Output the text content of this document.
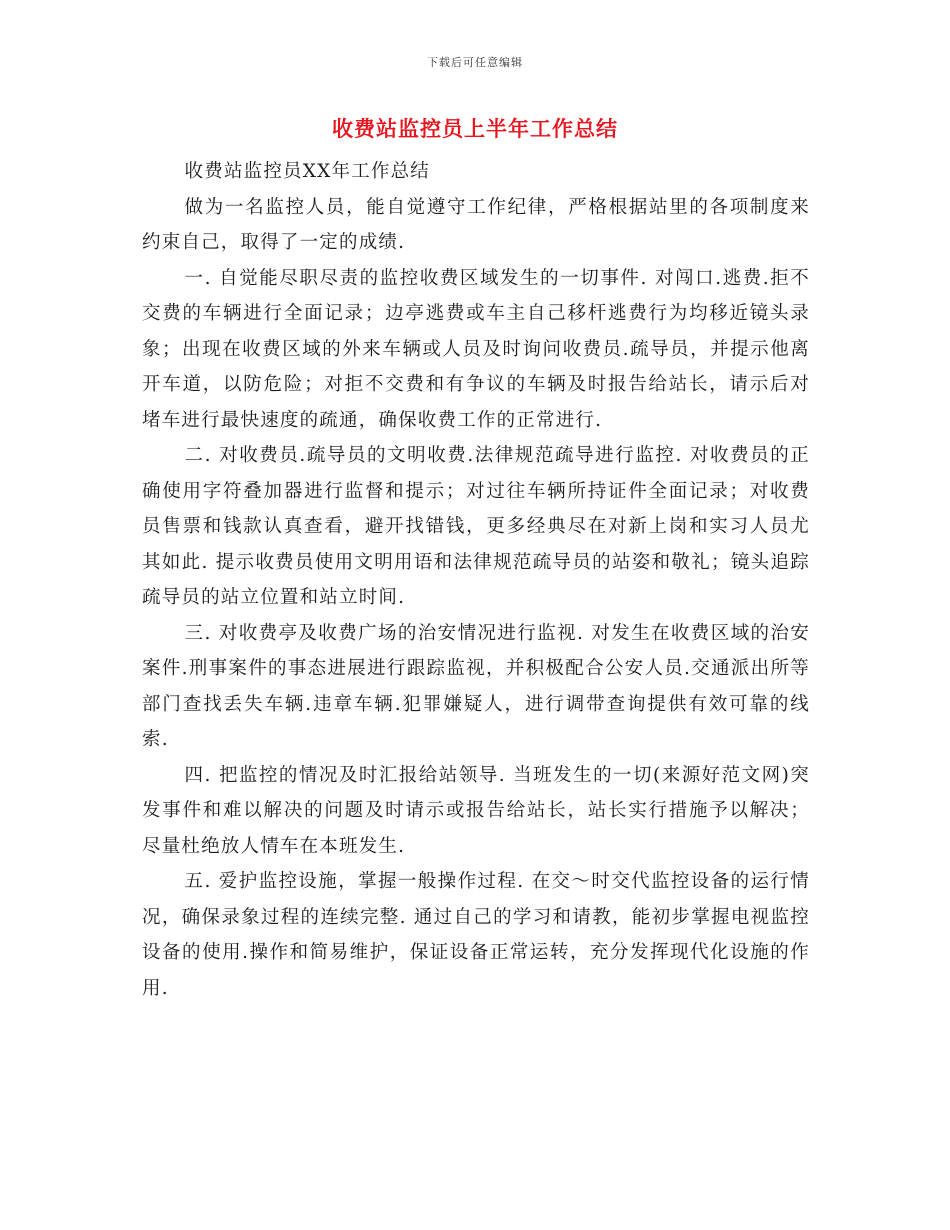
下载后可任意编辑
收费站监控员上半年工作总结

收费站监控员XX年工作总结

做为一名监控人员，能自觉遵守工作纪律，严格根据站里的各项制度来约束自己，取得了一定的成绩.

一. 自觉能尽职尽责的监控收费区域发生的一切事件. 对闯口.逃费.拒不交费的车辆进行全面记录；边亭逃费或车主自己移杆逃费行为均移近镜头录象；出现在收费区域的外来车辆或人员及时询问收费员.疏导员，并提示他离开车道，以防危险；对拒不交费和有争议的车辆及时报告给站长，请示后对堵车进行最快速度的疏通，确保收费工作的正常进行.

二. 对收费员.疏导员的文明收费.法律规范疏导进行监控. 对收费员的正确使用字符叠加器进行监督和提示；对过往车辆所持证件全面记录；对收费员售票和钱款认真查看，避开找错钱，更多经典尽在对新上岗和实习人员尤其如此. 提示收费员使用文明用语和法律规范疏导员的站姿和敬礼；镜头追踪疏导员的站立位置和站立时间.

三. 对收费亭及收费广场的治安情况进行监视. 对发生在收费区域的治安案件.刑事案件的事态进展进行跟踪监视，并积极配合公安人员.交通派出所等部门查找丢失车辆.违章车辆.犯罪嫌疑人，进行调带查询提供有效可靠的线索.

四. 把监控的情况及时汇报给站领导. 当班发生的一切(来源好范文网)突发事件和难以解决的问题及时请示或报告给站长，站长实行措施予以解决；尽量杜绝放人情车在本班发生.

五. 爱护监控设施，掌握一般操作过程. 在交～时交代监控设备的运行情况，确保录象过程的连续完整. 通过自己的学习和请教，能初步掌握电视监控设备的使用.操作和简易维护，保证设备正常运转，充分发挥现代化设施的作用.
